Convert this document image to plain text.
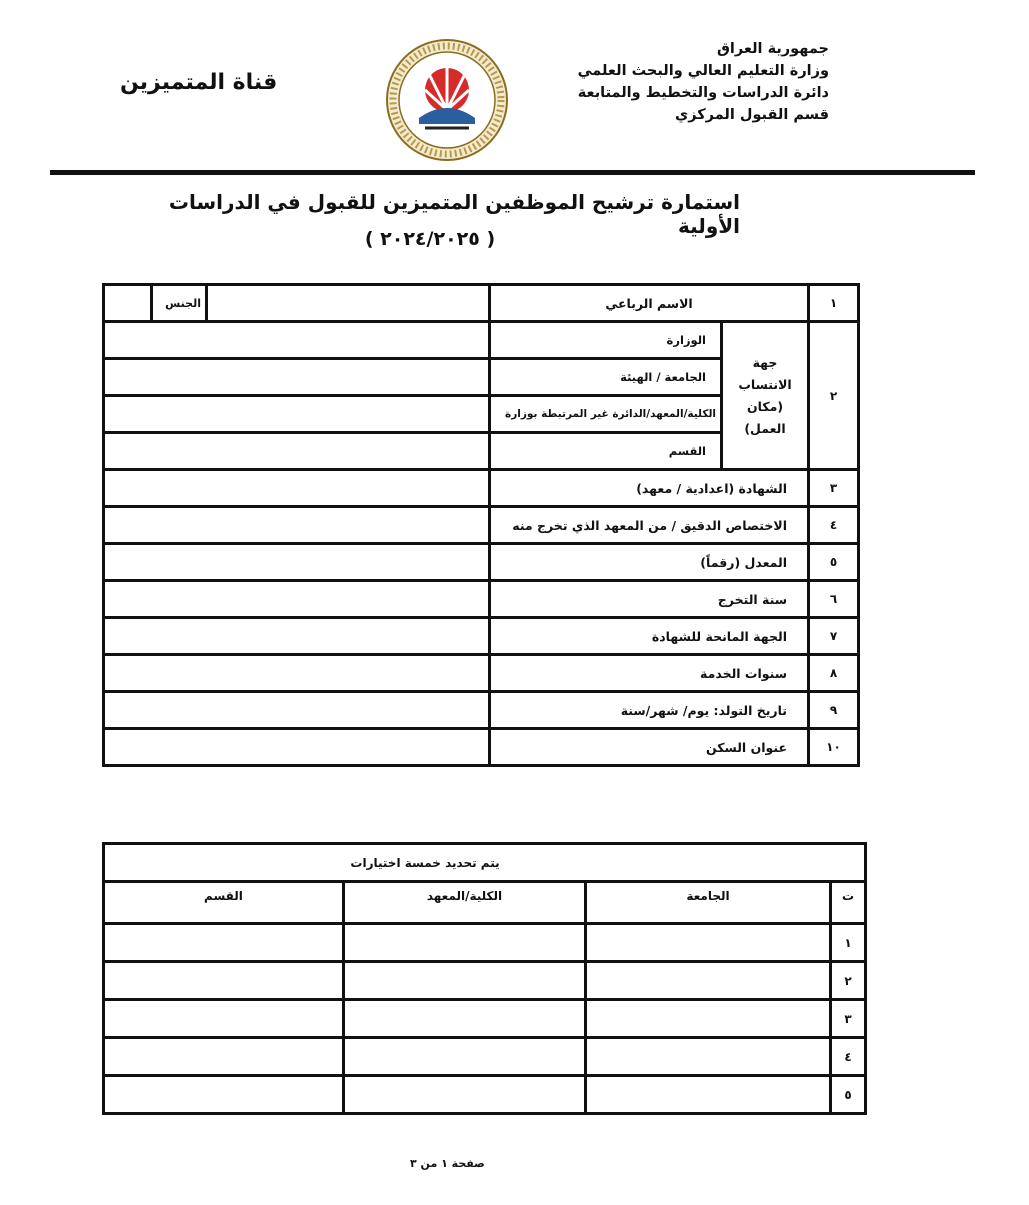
جمهورية العراق
وزارة التعليم العالي والبحث العلمي
دائرة الدراسات والتخطيط والمتابعة
قسم القبول المركزي
قناة المتميزين
استمارة ترشيح الموظفين المتميزين للقبول في الدراسات الأولية
( ٢٠٢٤/٢٠٢٥ )
	الجنس		الاسم الرباعي		١
			الوزارة	جهة
الانتساب
(مكان العمل)	٢
			الجامعة / الهيئة		
			الكلية/المعهد/الدائرة غير المرتبطة بوزارة		
			القسم		
			الشهادة (اعدادية / معهد)		٣
			الاختصاص الدقيق / من المعهد الذي تخرج منه		٤
			المعدل (رقماً)		٥
			سنة التخرج		٦
			الجهة المانحة للشهادة		٧
			سنوات الخدمة		٨
			تاريخ التولد: يوم/ شهر/سنة		٩
			عنوان السكن		١٠
يتم تحديد خمسة اختيارات			
القسم	الكلية/المعهد	الجامعة	ت
			١
			٢
			٣
			٤
			٥
صفحة ١ من ٣
